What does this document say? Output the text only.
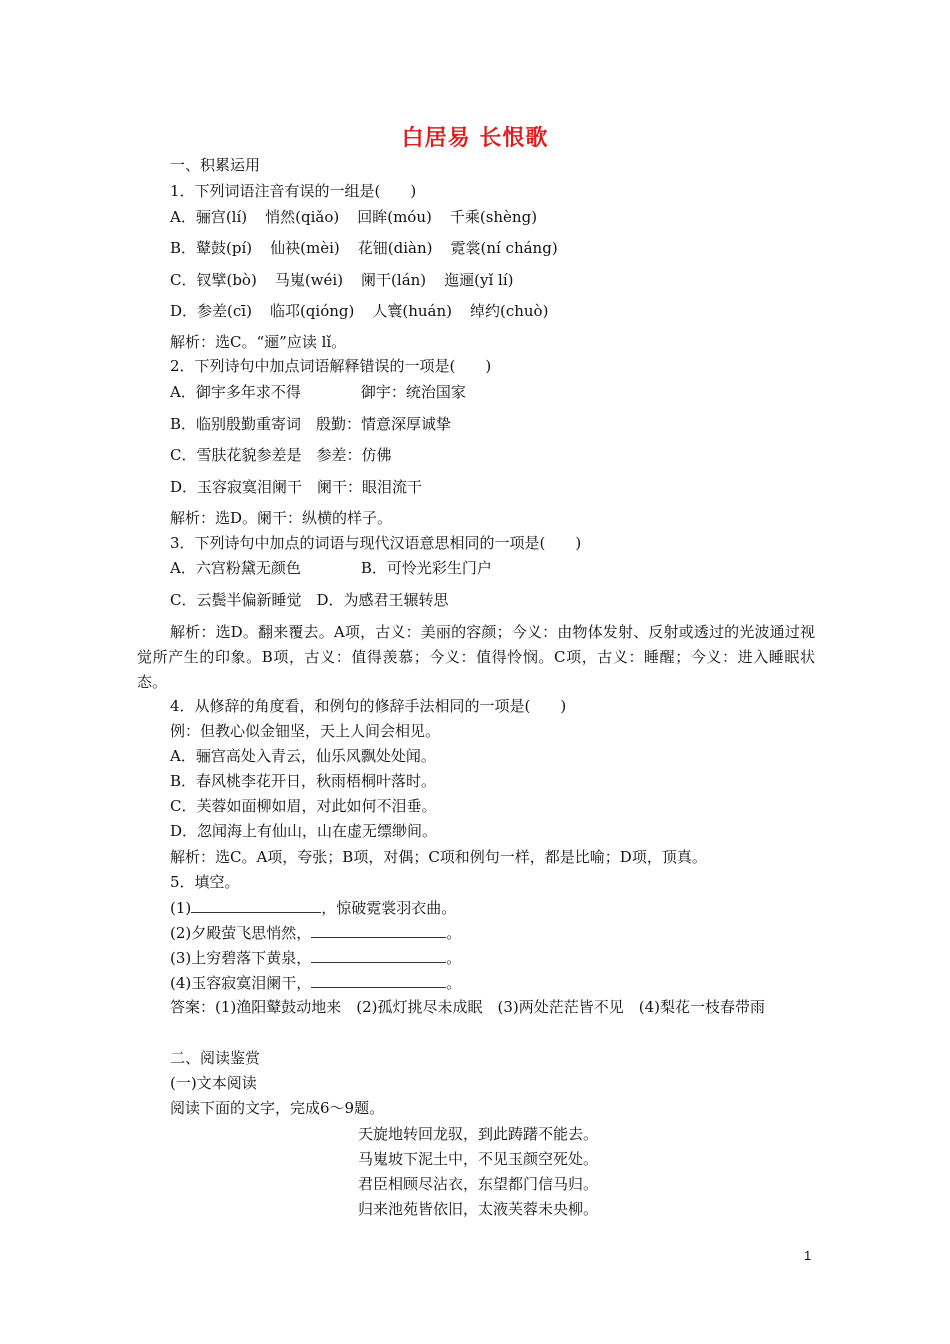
白居易 长恨歌
一、积累运用
1．下列词语注音有误的一组是(　　)
A．骊宫(lí) 悄然(qiǎo) 回眸(móu) 千乘(shèng)
B．鼙鼓(pí) 仙袂(mèi) 花钿(diàn) 霓裳(ní cháng)
C．钗擘(bò) 马嵬(wéi) 阑干(lán) 迤逦(yǐ lí)
D．参差(cī) 临邛(qióng) 人寰(huán) 绰约(chuò)
解析：选C。“逦”应读 lǐ。
2．下列诗句中加点词语解释错误的一项是(　　)
A．御宇多年求不得　　　　御宇：统治国家
B．临别殷勤重寄词　殷勤：情意深厚诚挚
C．雪肤花貌参差是　参差：仿佛
D．玉容寂寞泪阑干　阑干：眼泪流干
解析：选D。阑干：纵横的样子。
3．下列诗句中加点的词语与现代汉语意思相同的一项是(　　)
A．六宫粉黛无颜色　　　　B．可怜光彩生门户
C．云鬓半偏新睡觉　D．为感君王辗转思
解析：选D。翻来覆去。A项，古义：美丽的容颜；今义：由物体发射、反射或透过的光波通过视觉所产生的印象。B项，古义：值得羡慕；今义：值得怜悯。C项，古义：睡醒；今义：进入睡眠状态。
4．从修辞的角度看，和例句的修辞手法相同的一项是(　　)
例：但教心似金钿坚，天上人间会相见。
A．骊宫高处入青云，仙乐风飘处处闻。
B．春风桃李花开日，秋雨梧桐叶落时。
C．芙蓉如面柳如眉，对此如何不泪垂。
D．忽闻海上有仙山，山在虚无缥缈间。
解析：选C。A项，夸张；B项，对偶；C项和例句一样，都是比喻；D项，顶真。
5．填空。
(1)	，惊破霓裳羽衣曲。
(2)夕殿萤飞思悄然，	。
(3)上穷碧落下黄泉，	。
(4)玉容寂寞泪阑干，	。
答案：(1)渔阳鼙鼓动地来　(2)孤灯挑尽未成眠　(3)两处茫茫皆不见　(4)梨花一枝春带雨
二、阅读鉴赏
(一)文本阅读
阅读下面的文字，完成6～9题。
天旋地转回龙驭，到此踌躇不能去。
马嵬坡下泥土中，不见玉颜空死处。
君臣相顾尽沾衣，东望都门信马归。
归来池苑皆依旧，太液芙蓉未央柳。
1
